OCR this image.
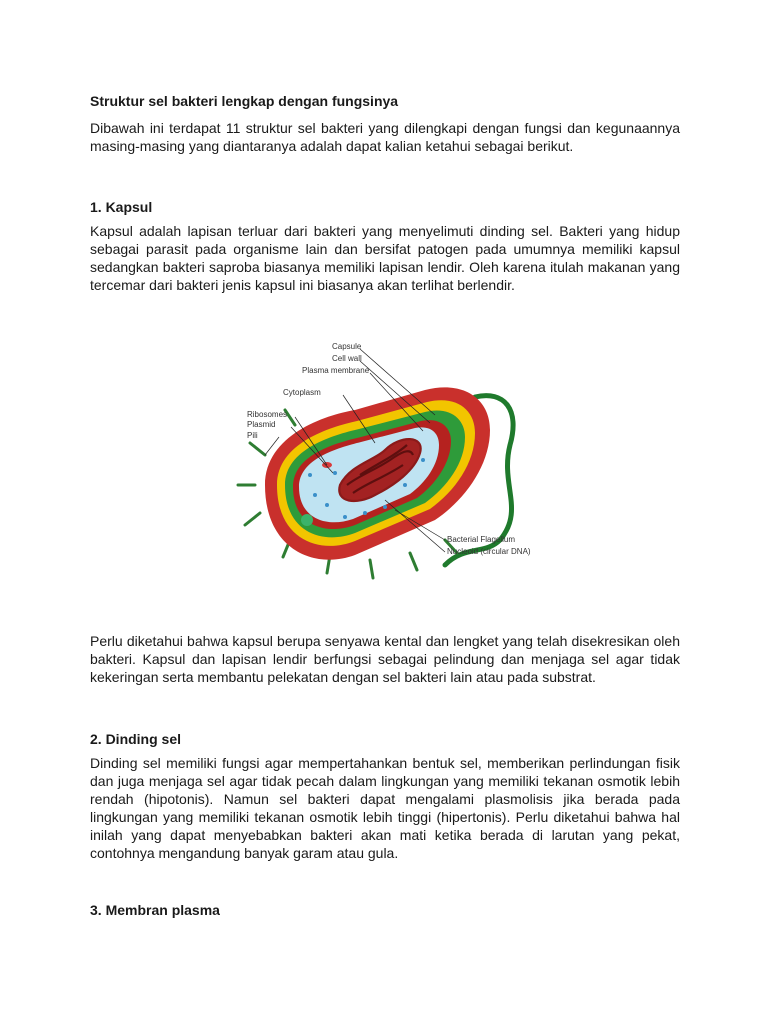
Struktur sel bakteri lengkap dengan fungsinya

Dibawah ini terdapat 11 struktur sel bakteri yang dilengkapi dengan fungsi dan kegunaannya masing-masing yang diantaranya adalah dapat kalian ketahui sebagai berikut.

1. Kapsul

Kapsul adalah lapisan terluar dari bakteri yang menyelimuti dinding sel. Bakteri yang hidup sebagai parasit pada organisme lain dan bersifat patogen pada umumnya memiliki kapsul sedangkan bakteri saproba biasanya memiliki lapisan lendir. Oleh karena itulah makanan yang tercemar dari bakteri jenis kapsul ini biasanya akan terlihat berlendir.

Capsule
Cell wall
Plasma membrane
Cytoplasm
Ribosomes
Plasmid
Pili
Bacterial Flagellum
Nucleoid (circular DNA)

Perlu diketahui bahwa kapsul berupa senyawa kental dan lengket yang telah disekresikan oleh bakteri. Kapsul dan lapisan lendir berfungsi sebagai pelindung dan menjaga sel agar tidak kekeringan serta membantu pelekatan dengan sel bakteri lain atau pada substrat.

2. Dinding sel

Dinding sel memiliki fungsi agar mempertahankan bentuk sel, memberikan perlindungan fisik dan juga menjaga sel agar tidak pecah dalam lingkungan yang memiliki tekanan osmotik lebih rendah (hipotonis). Namun sel bakteri dapat mengalami plasmolisis jika berada pada lingkungan yang memiliki tekanan osmotik lebih tinggi (hipertonis). Perlu diketahui bahwa hal inilah yang dapat menyebabkan bakteri akan mati ketika berada di larutan yang pekat, contohnya mengandung banyak garam atau gula.

3. Membran plasma
